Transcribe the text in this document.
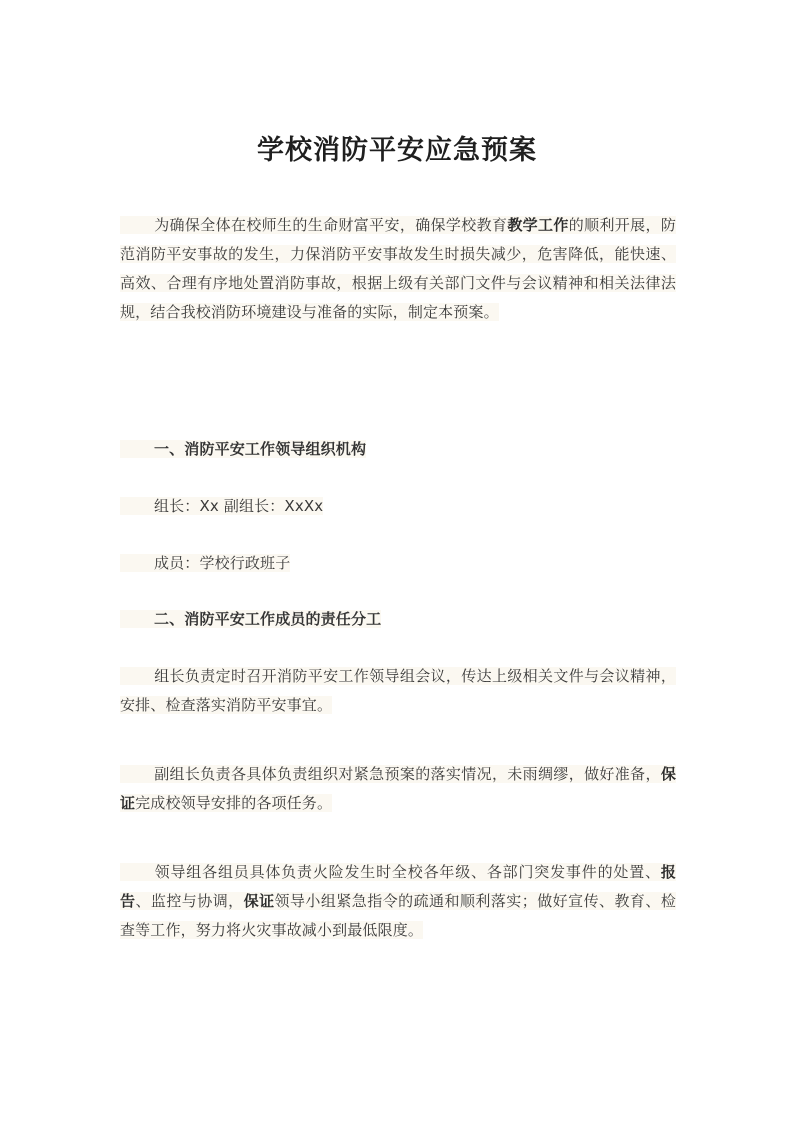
学校消防平安应急预案

为确保全体在校师生的生命财富平安，确保学校教育教学工作的顺利开展，防范消防平安事故的发生，力保消防平安事故发生时损失减少，危害降低，能快速、高效、合理有序地处置消防事故，根据上级有关部门文件与会议精神和相关法律法规，结合我校消防环境建设与准备的实际，制定本预案。

一、消防平安工作领导组织机构

组长：Xx 副组长：XxXx

成员：学校行政班子

二、消防平安工作成员的责任分工

组长负责定时召开消防平安工作领导组会议，传达上级相关文件与会议精神，安排、检查落实消防平安事宜。

副组长负责各具体负责组织对紧急预案的落实情况，未雨绸缪，做好准备，保证完成校领导安排的各项任务。

领导组各组员具体负责火险发生时全校各年级、各部门突发事件的处置、报告、监控与协调，保证领导小组紧急指令的疏通和顺利落实；做好宣传、教育、检查等工作，努力将火灾事故减小到最低限度。
